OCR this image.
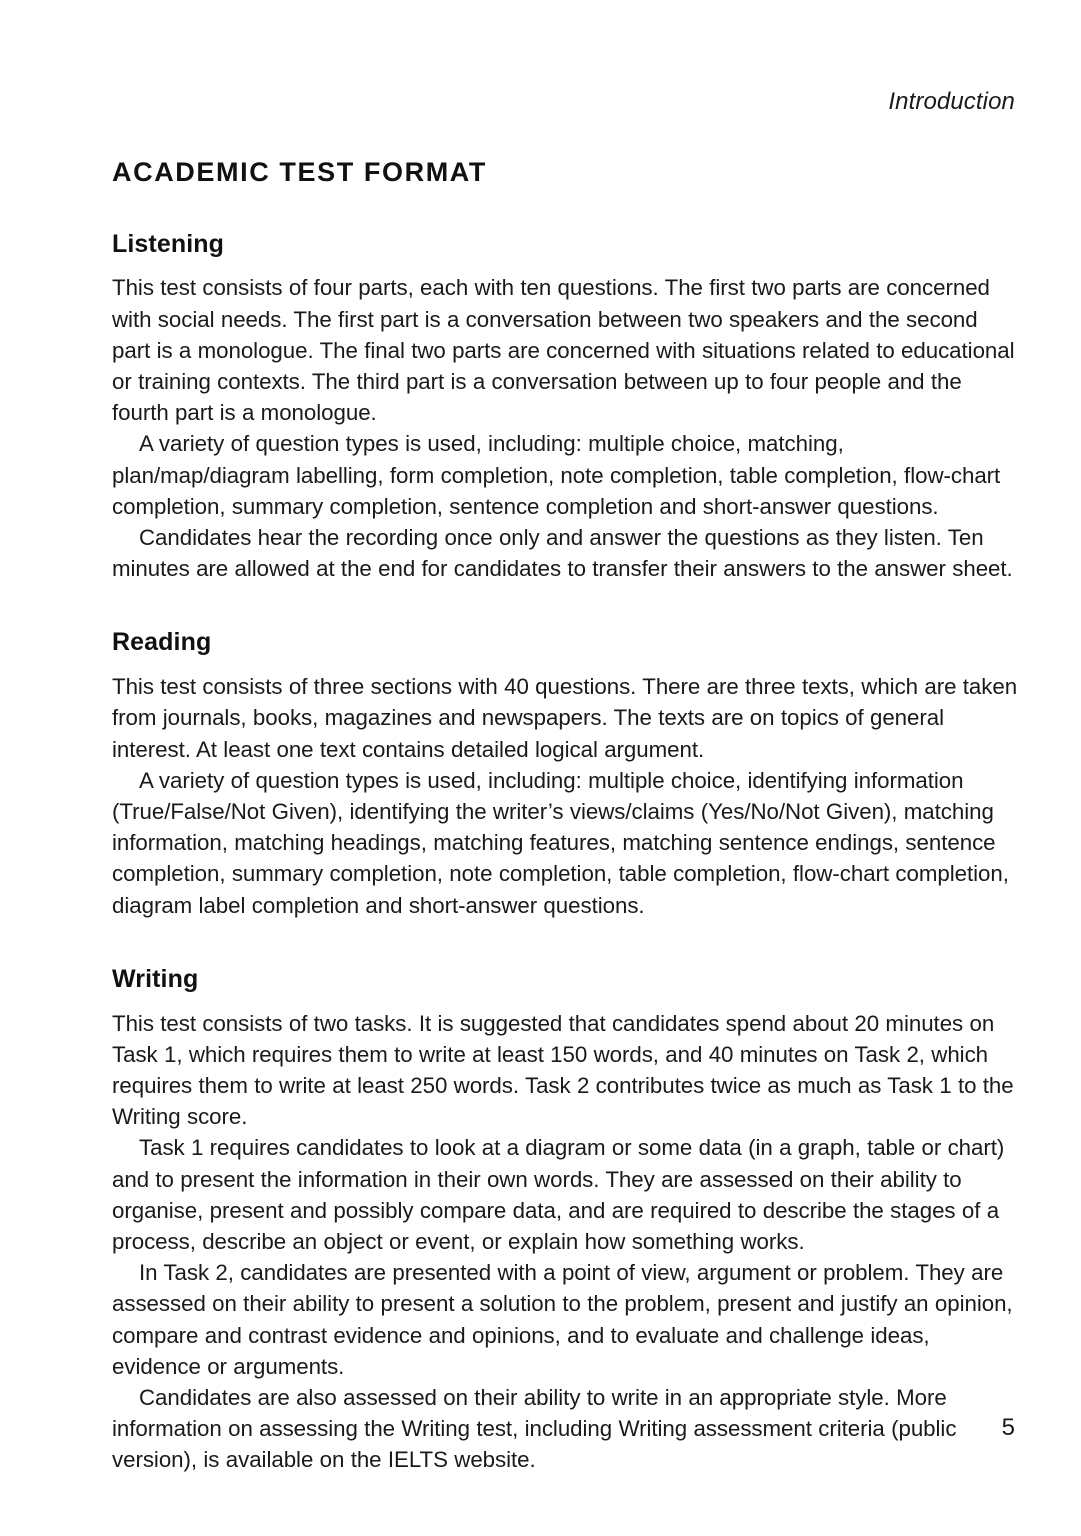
Introduction
ACADEMIC TEST FORMAT
Listening

This test consists of four parts, each with ten questions. The first two parts are concerned with social needs. The first part is a conversation between two speakers and the second part is a monologue. The final two parts are concerned with situations related to educational or training contexts. The third part is a conversation between up to four people and the fourth part is a monologue.

A variety of question types is used, including: multiple choice, matching, plan/map/diagram labelling, form completion, note completion, table completion, flow-chart completion, summary completion, sentence completion and short-answer questions.

Candidates hear the recording once only and answer the questions as they listen. Ten minutes are allowed at the end for candidates to transfer their answers to the answer sheet.

Reading

This test consists of three sections with 40 questions. There are three texts, which are taken from journals, books, magazines and newspapers. The texts are on topics of general interest. At least one text contains detailed logical argument.

A variety of question types is used, including: multiple choice, identifying information (True/False/Not Given), identifying the writer’s views/claims (Yes/No/Not Given), matching information, matching headings, matching features, matching sentence endings, sentence completion, summary completion, note completion, table completion, flow-chart completion, diagram label completion and short-answer questions.

Writing

This test consists of two tasks. It is suggested that candidates spend about 20 minutes on Task 1, which requires them to write at least 150 words, and 40 minutes on Task 2, which requires them to write at least 250 words. Task 2 contributes twice as much as Task 1 to the Writing score.

Task 1 requires candidates to look at a diagram or some data (in a graph, table or chart) and to present the information in their own words. They are assessed on their ability to organise, present and possibly compare data, and are required to describe the stages of a process, describe an object or event, or explain how something works.

In Task 2, candidates are presented with a point of view, argument or problem. They are assessed on their ability to present a solution to the problem, present and justify an opinion, compare and contrast evidence and opinions, and to evaluate and challenge ideas, evidence or arguments.

Candidates are also assessed on their ability to write in an appropriate style. More information on assessing the Writing test, including Writing assessment criteria (public version), is available on the IELTS website.

5
